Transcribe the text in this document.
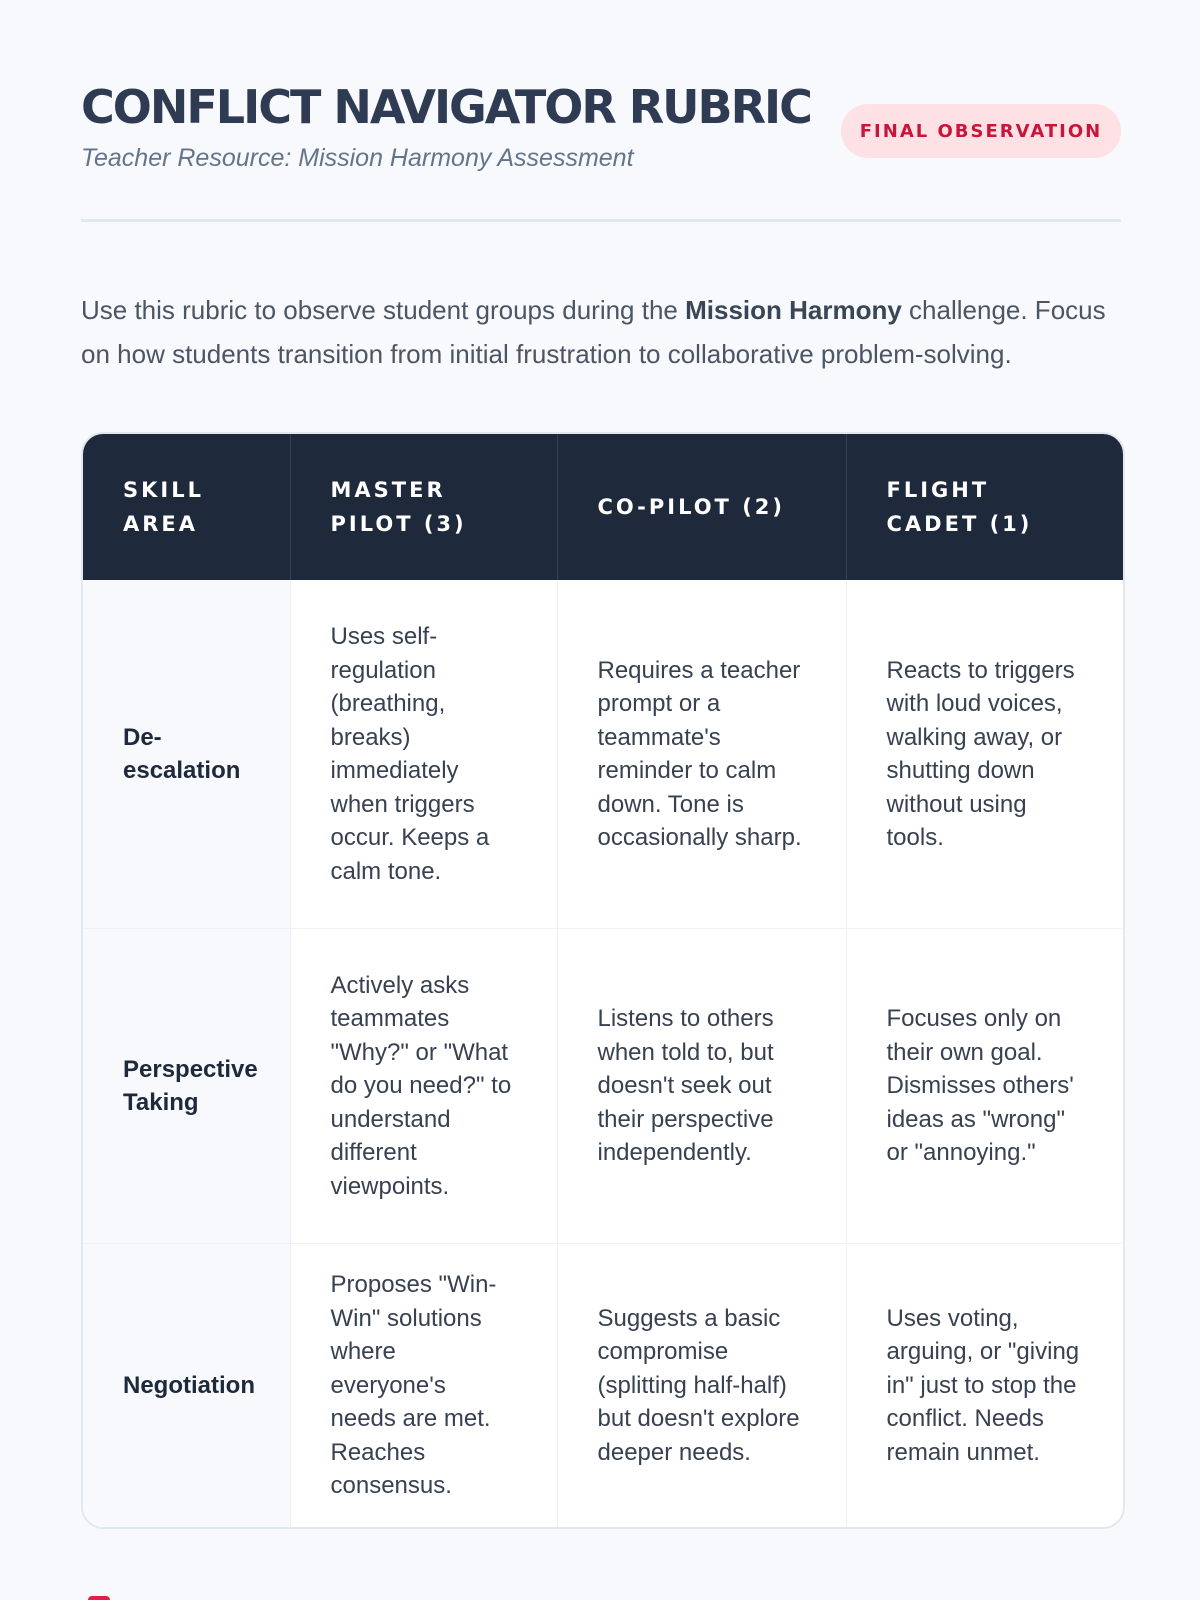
CONFLICT NAVIGATOR RUBRIC
Teacher Resource: Mission Harmony Assessment
FINAL OBSERVATION

Use this rubric to observe student groups during the Mission Harmony challenge. Focus on how students transition from initial frustration to collaborative problem-solving.

SKILL AREA	MASTER PILOT (3)	CO-PILOT (2)	FLIGHT CADET (1)
De-escalation	Uses self-regulation (breathing, breaks) immediately when triggers occur. Keeps a calm tone.	Requires a teacher prompt or a teammate's reminder to calm down. Tone is occasionally sharp.	Reacts to triggers with loud voices, walking away, or shutting down without using tools.
Perspective Taking	Actively asks teammates "Why?" or "What do you need?" to understand different viewpoints.	Listens to others when told to, but doesn't seek out their perspective independently.	Focuses only on their own goal. Dismisses others' ideas as "wrong" or "annoying."
Negotiation	Proposes "Win-Win" solutions where everyone's needs are met. Reaches consensus.	Suggests a basic compromise (splitting half-half) but doesn't explore deeper needs.	Uses voting, arguing, or "giving in" just to stop the conflict. Needs remain unmet.
